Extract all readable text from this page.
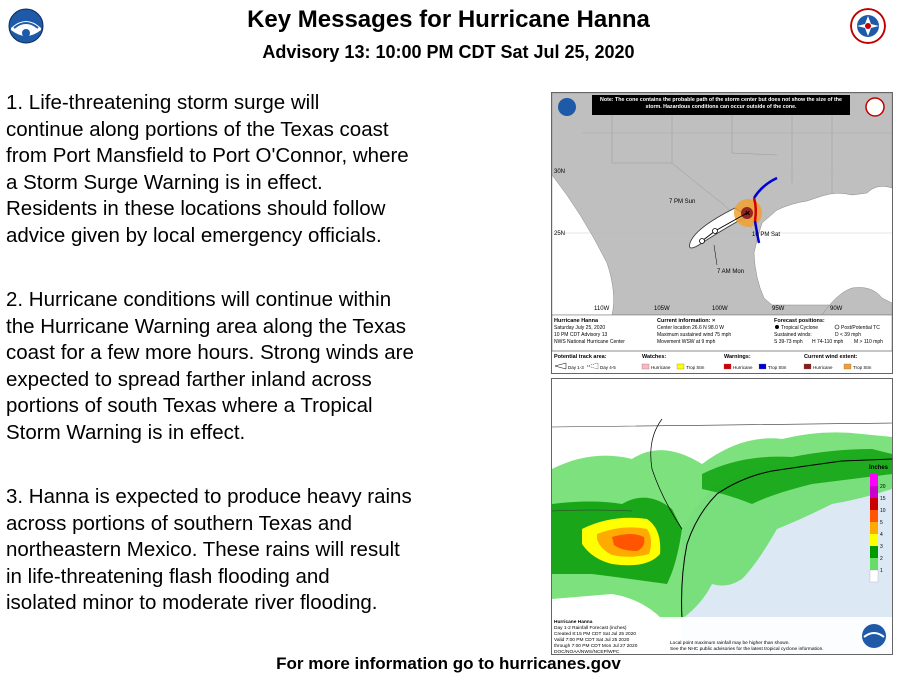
Key Messages for Hurricane Hanna
Advisory 13: 10:00 PM CDT Sat Jul 25, 2020
1. Life-threatening storm surge will
continue along portions of the Texas coast
from Port Mansfield to Port O'Connor, where
a Storm Surge Warning is in effect.
Residents in these locations should follow
advice given by local emergency officials.
2. Hurricane conditions will continue within
the Hurricane Warning area along the Texas
coast for a few more hours. Strong winds are
expected to spread farther inland across
portions of south Texas where a Tropical
Storm Warning is in effect.
3. Hanna is expected to produce heavy rains
across portions of southern Texas and
northeastern Mexico. These rains will result
in life-threatening flash flooding and
isolated minor to moderate river flooding.
Note: The cone contains the probable path of the storm center but does not show the size of the storm. Hazardous conditions can occur outside of the cone.
×
7 PM Sun
10 PM Sat
7 AM Mon
30N
25N
110W	105W	100W	95W	90W
Hurricane Hanna
Saturday July 25, 2020
10 PM CDT Advisory 13
NWS National Hurricane Center
Current information: ×
Center location 26.6 N 98.0 W
Maximum sustained wind 75 mph
Movement WSW at 9 mph
Forecast positions:
Tropical Cyclone	Post/Potential TC
Sustained winds:	D < 39 mph
S 39-73 mph H 74-110 mph M > 110 mph
Potential track area:
Day 1-3	Day 4-5
Watches:
Hurricane	Trop Stm
Warnings:
Hurricane	Trop Stm
Current wind extent:
Hurricane	Trop Stm
Inches
20
15
10
5
4
3
2
1
Hurricane Hanna
Day 1-2 Rainfall Forecast (inches)
Created 8:15 PM CDT Sat Jul 25 2020
Valid 7:00 PM CDT Sat Jul 25 2020
through 7:00 PM CDT Mon Jul 27 2020
DOC/NOAA/NWS/NCEP/WPC
Local point maximum rainfall may be higher than shown.
See the NHC public advisories for the latest tropical cyclone information.
For more information go to hurricanes.gov
